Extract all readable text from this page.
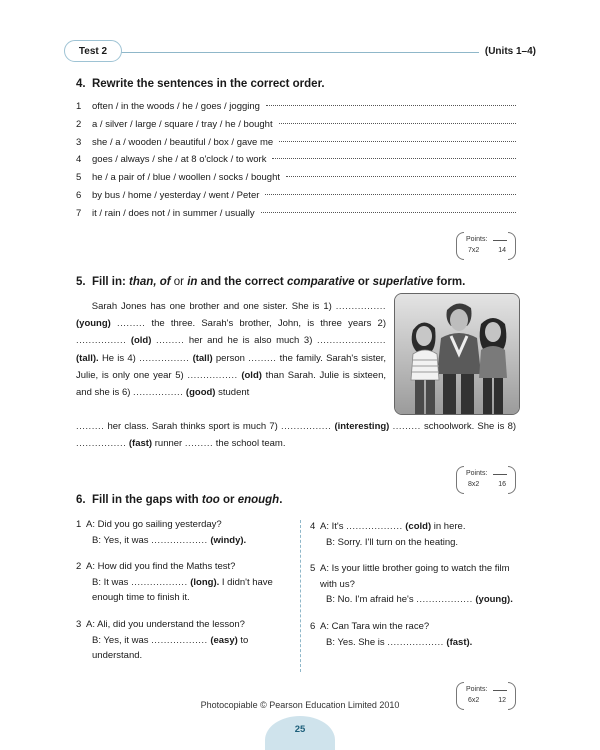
Test 2	(Units 1–4)
4. Rewrite the sentences in the correct order.
1	often / in the woods / he / goes / jogging
2	a / silver / large / square / tray / he / bought
3	she / a / wooden / beautiful / box / gave me
4	goes / always / she / at 8 o'clock / to work
5	he / a pair of / blue / woollen / socks / bought
6	by bus / home / yesterday / went / Peter
7	it / rain / does not / in summer / usually
Points:
7x2	14
5. Fill in: than, of or in and the correct comparative or superlative form.
Sarah Jones has one brother and one sister. She is 1) ................ (young) ......... the three. Sarah's brother, John, is three years 2) ................ (old) ......... her and he is also much 3) ...................... (tall). He is 4) ................ (tall) person ......... the family. Sarah's sister, Julie, is only one year 5) ................ (old) than Sarah. Julie is sixteen, and she is 6) ................ (good) student
......... her class. Sarah thinks sport is much 7) ................ (interesting) ......... schoolwork. She is 8) ................ (fast) runner ......... the school team.
Points:
8x2	16
6. Fill in the gaps with too or enough.
1 A: Did you go sailing yesterday?
B: Yes, it was .................. (windy).
2 A: How did you find the Maths test?
B: It was .................. (long). I didn't have enough time to finish it.
3 A: Ali, did you understand the lesson?
B: Yes, it was .................. (easy) to understand.
4 A: It's .................. (cold) in here.
B: Sorry. I'll turn on the heating.
5 A: Is your little brother going to watch the film with us?
B: No. I'm afraid he's .................. (young).
6 A: Can Tara win the race?
B: Yes. She is .................. (fast).
Points:
6x2	12
Photocopiable © Pearson Education Limited 2010
25
